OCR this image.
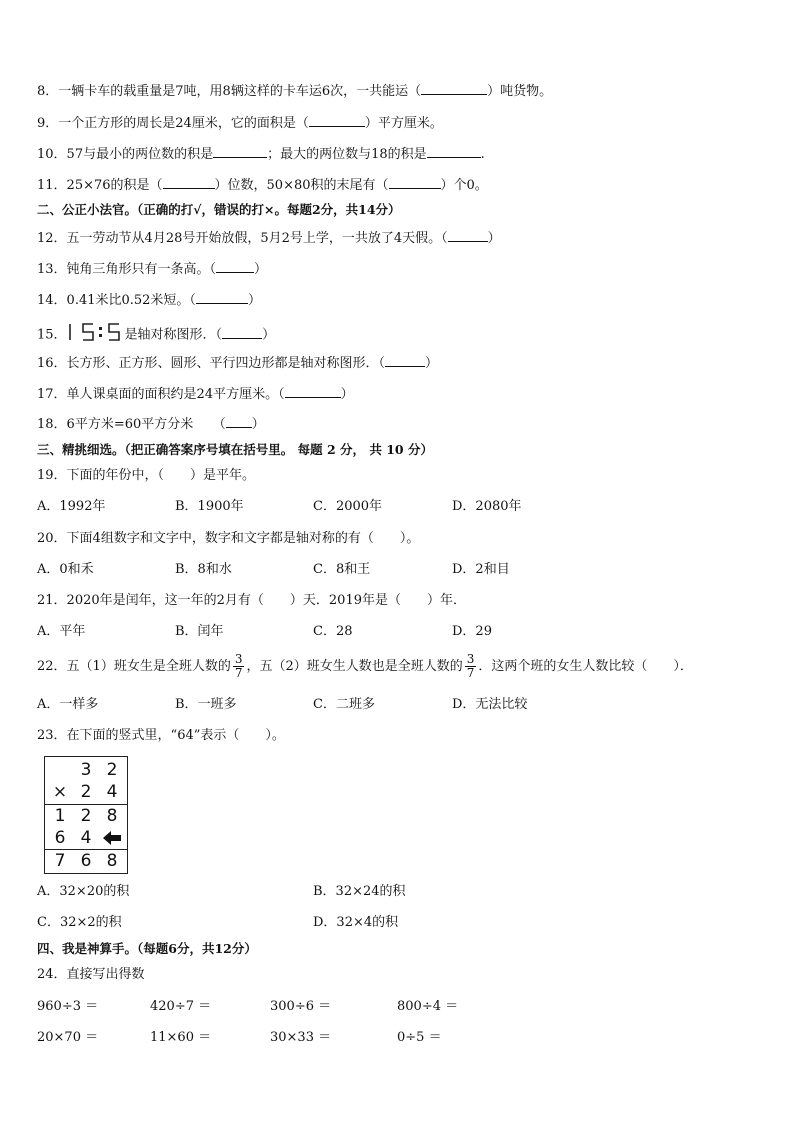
8．一辆卡车的载重量是7吨，用8辆这样的卡车运6次，一共能运（	）吨货物。
9．一个正方形的周长是24厘米，它的面积是（	）平方厘米。
10．57与最小的两位数的积是	；最大的两位数与18的积是	.
11．25×76的积是（	）位数，50×80积的末尾有（	）个0。
二、公正小法官。（正确的打√，错误的打×。每题2分，共14分）
12．五一劳动节从4月28号开始放假，5月2号上学，一共放了4天假。（	）
13．钝角三角形只有一条高。（	）
14．0.41米比0.52米短。（	）
15．	是轴对称图形．（	）
16．长方形、正方形、圆形、平行四边形都是轴对称图形．（	）
17．单人课桌面的面积约是24平方厘米。（	）
18．6平方米=60平方分米　　（ ）
三、精挑细选。（把正确答案序号填在括号里。 每题 2 分， 共 10 分）
19．下面的年份中，（　　）是平年。
A．1992年	B．1900年	C．2000年	D．2080年
20．下面4组数字和文字中，数字和文字都是轴对称的有（　　）。
A．0和禾	B．8和水	C．8和王	D．2和目
21．2020年是闰年，这一年的2月有（　　）天．2019年是（　　）年．
A．平年	B．闰年	C．28	D．29
22．五（1）班女生是全班人数的 $\frac{3}{7}$ ，五（2）班女生人数也是全班人数的 $\frac{3}{7}$ ．这两个班的女生人数比较（　　）．
A．一样多	B．一班多	C．二班多	D．无法比较
23．在下面的竖式里，“64”表示（　　）。
3 2
× 2 4
1 2 8
6 4
7 6 8
A．32×20的积	B．32×24的积
C．32×2的积	D．32×4的积
四、我是神算手。（每题6分，共12分）
24．直接写出得数
960÷3 ＝	420÷7 ＝	300÷6 ＝	800÷4 ＝
20×70 ＝	11×60 ＝	30×33 ＝	0÷5 ＝
